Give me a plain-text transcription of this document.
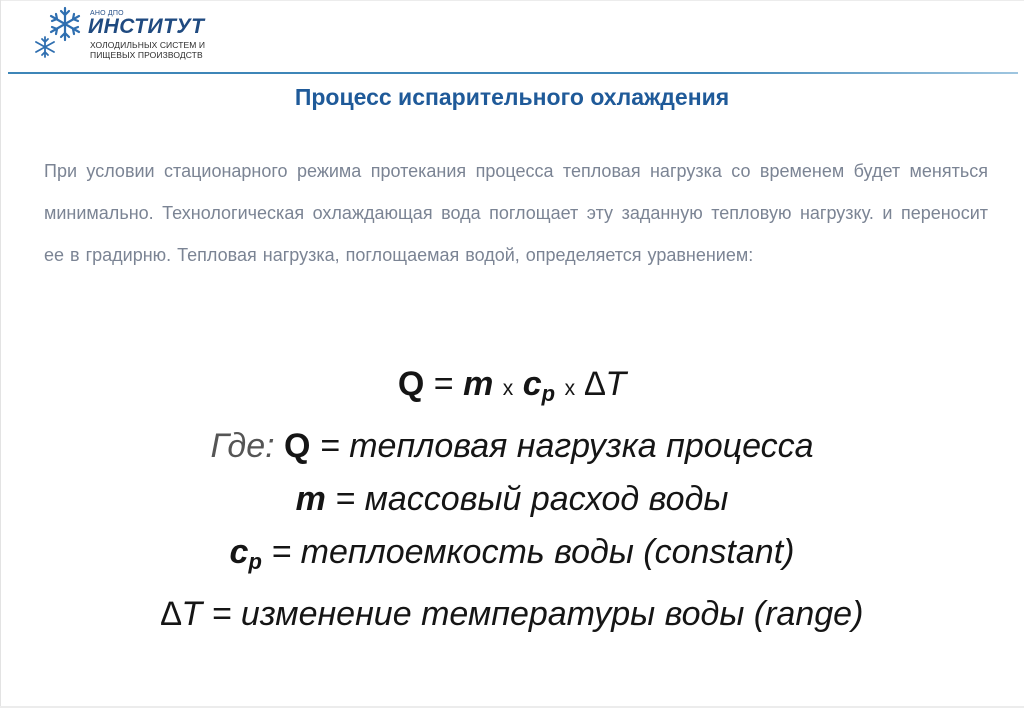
АНО ДПО
ИНСТИТУТ
ХОЛОДИЛЬНЫХ СИСТЕМ И
ПИЩЕВЫХ ПРОИЗВОДСТВ
Процесс испарительного охлаждения
При условии стационарного режима протекания процесса тепловая нагрузка со временем будет меняться минимально. Технологическая охлаждающая вода поглощает эту заданную тепловую нагрузку. и переносит ее в градирню. Тепловая нагрузка, поглощаемая водой, определяется уравнением:
Q = m x cp x ∆T
Где: Q = тепловая нагрузка процесса
m = массовый расход воды
cp = теплоемкость воды (constant)
∆T = изменение температуры воды (range)
